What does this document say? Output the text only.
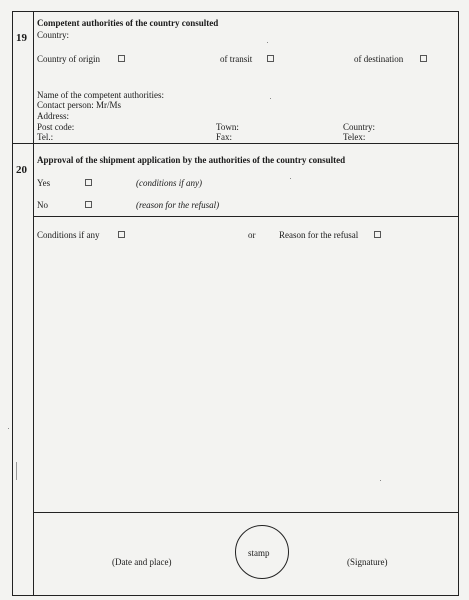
19
Competent authorities of the country consulted
Country:
Country of origin	of transit	of destination
Name of the competent authorities:
Contact person: Mr/Ms
Address:
Post code:	Town:	Country:
Tel.:	Fax:	Telex:
20
Approval of the shipment application by the authorities of the country consulted
Yes	(conditions if any)
No	(reason for the refusal)
Conditions if any	or	Reason for the refusal
(Date and place)
stamp
(Signature)
